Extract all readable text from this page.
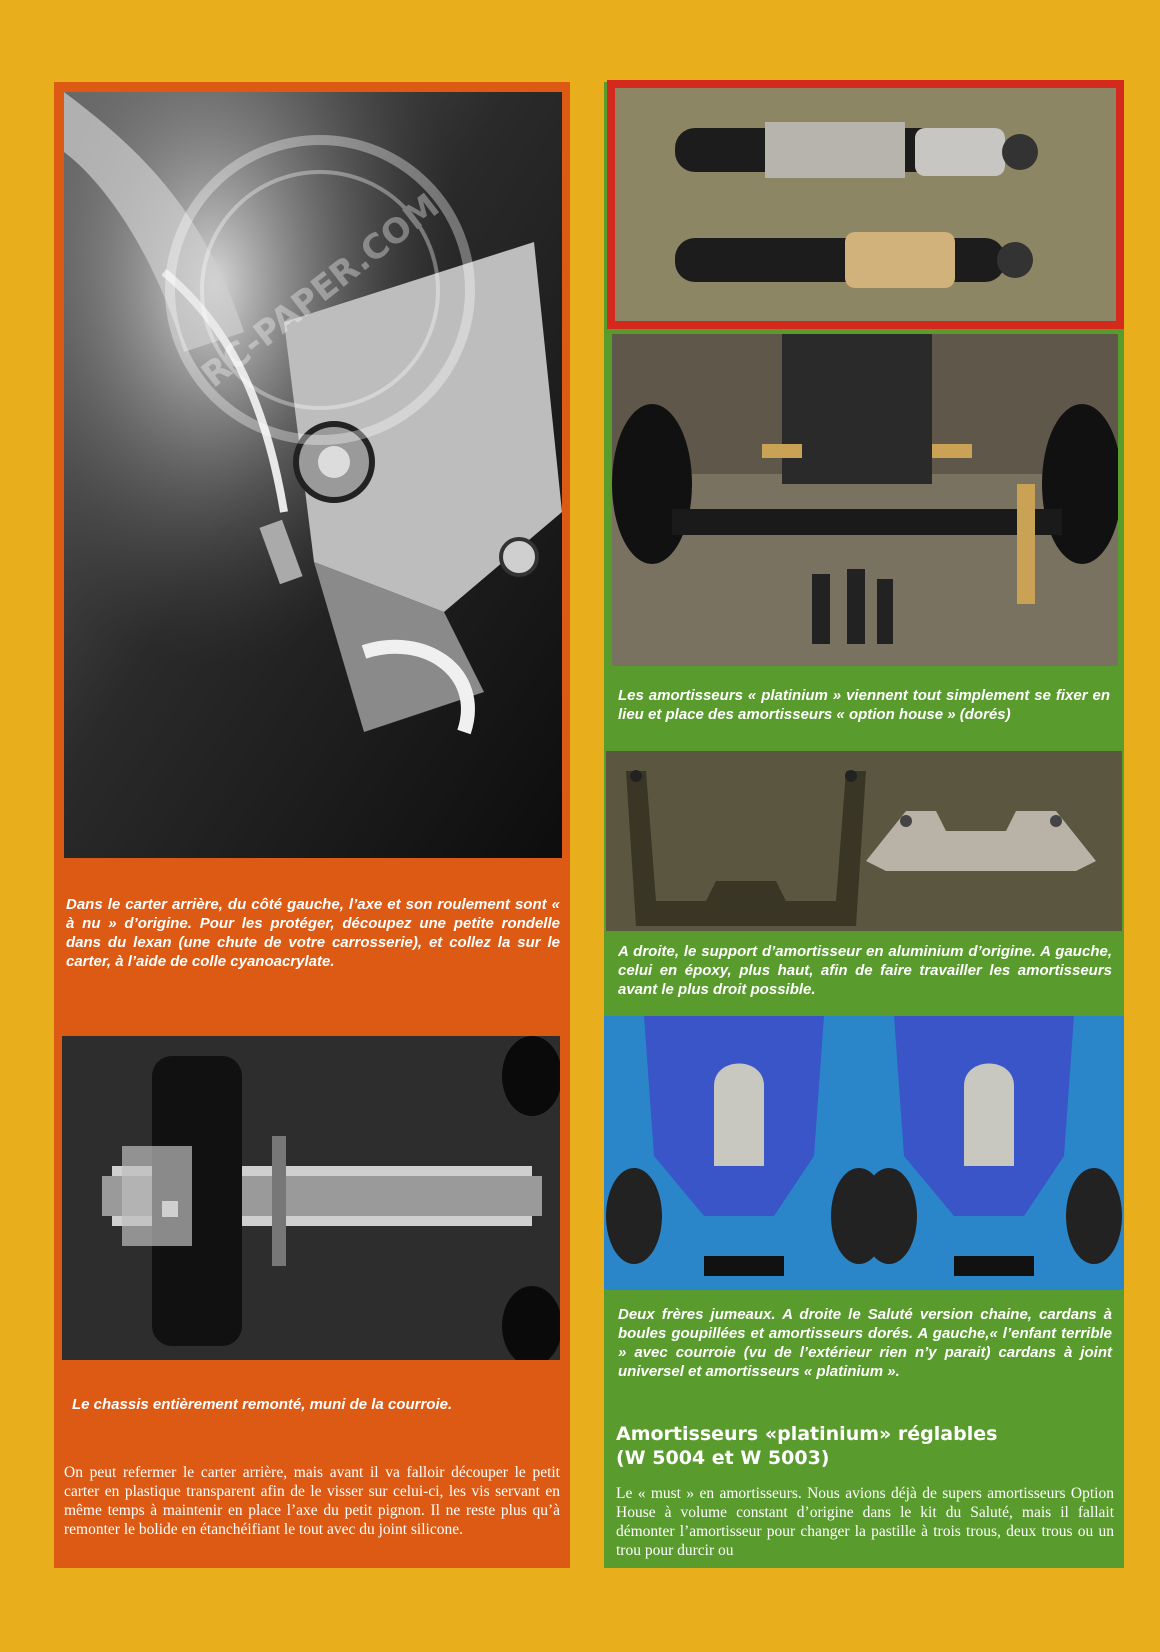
RC-PAPER.COM

Dans le carter arrière, du côté gauche, l’axe et son roulement sont « à nu » d’origine. Pour les protéger, découpez une petite rondelle dans du lexan (une chute de votre carrosserie), et collez la sur le carter, à l’aide de colle cyanoacrylate.

Le chassis entièrement remonté, muni de la courroie.

On peut refermer le carter arrière, mais avant il va falloir découper le petit carter en plastique transparent afin de le visser sur celui-ci, les vis servant en même temps à maintenir en place l’axe du petit pignon. Il ne reste plus qu’à remonter le bolide en étanchéifiant le tout avec du joint silicone.

Les amortisseurs « platinium » viennent tout simplement se fixer en lieu et place des amortisseurs « option house » (dorés)

A droite, le support d’amortisseur en aluminium d’origine. A gauche, celui en époxy, plus haut, afin de faire travailler les amortisseurs avant le plus droit possible.

Deux frères jumeaux. A droite le Saluté version chaine, cardans à boules goupillées et amortisseurs dorés. A gauche,« l’enfant terrible » avec courroie (vu de l’extérieur rien n’y parait) cardans à joint universel et amortisseurs « platinium ».

Amortisseurs «platinium» réglables
(W 5004 et W 5003)

Le « must » en amortisseurs. Nous avions déjà de supers amortisseurs Option House à volume constant d’origine dans le kit du Saluté, mais il fallait démonter l’amortisseur pour changer la pastille à trois trous, deux trous ou un trou pour durcir ou
